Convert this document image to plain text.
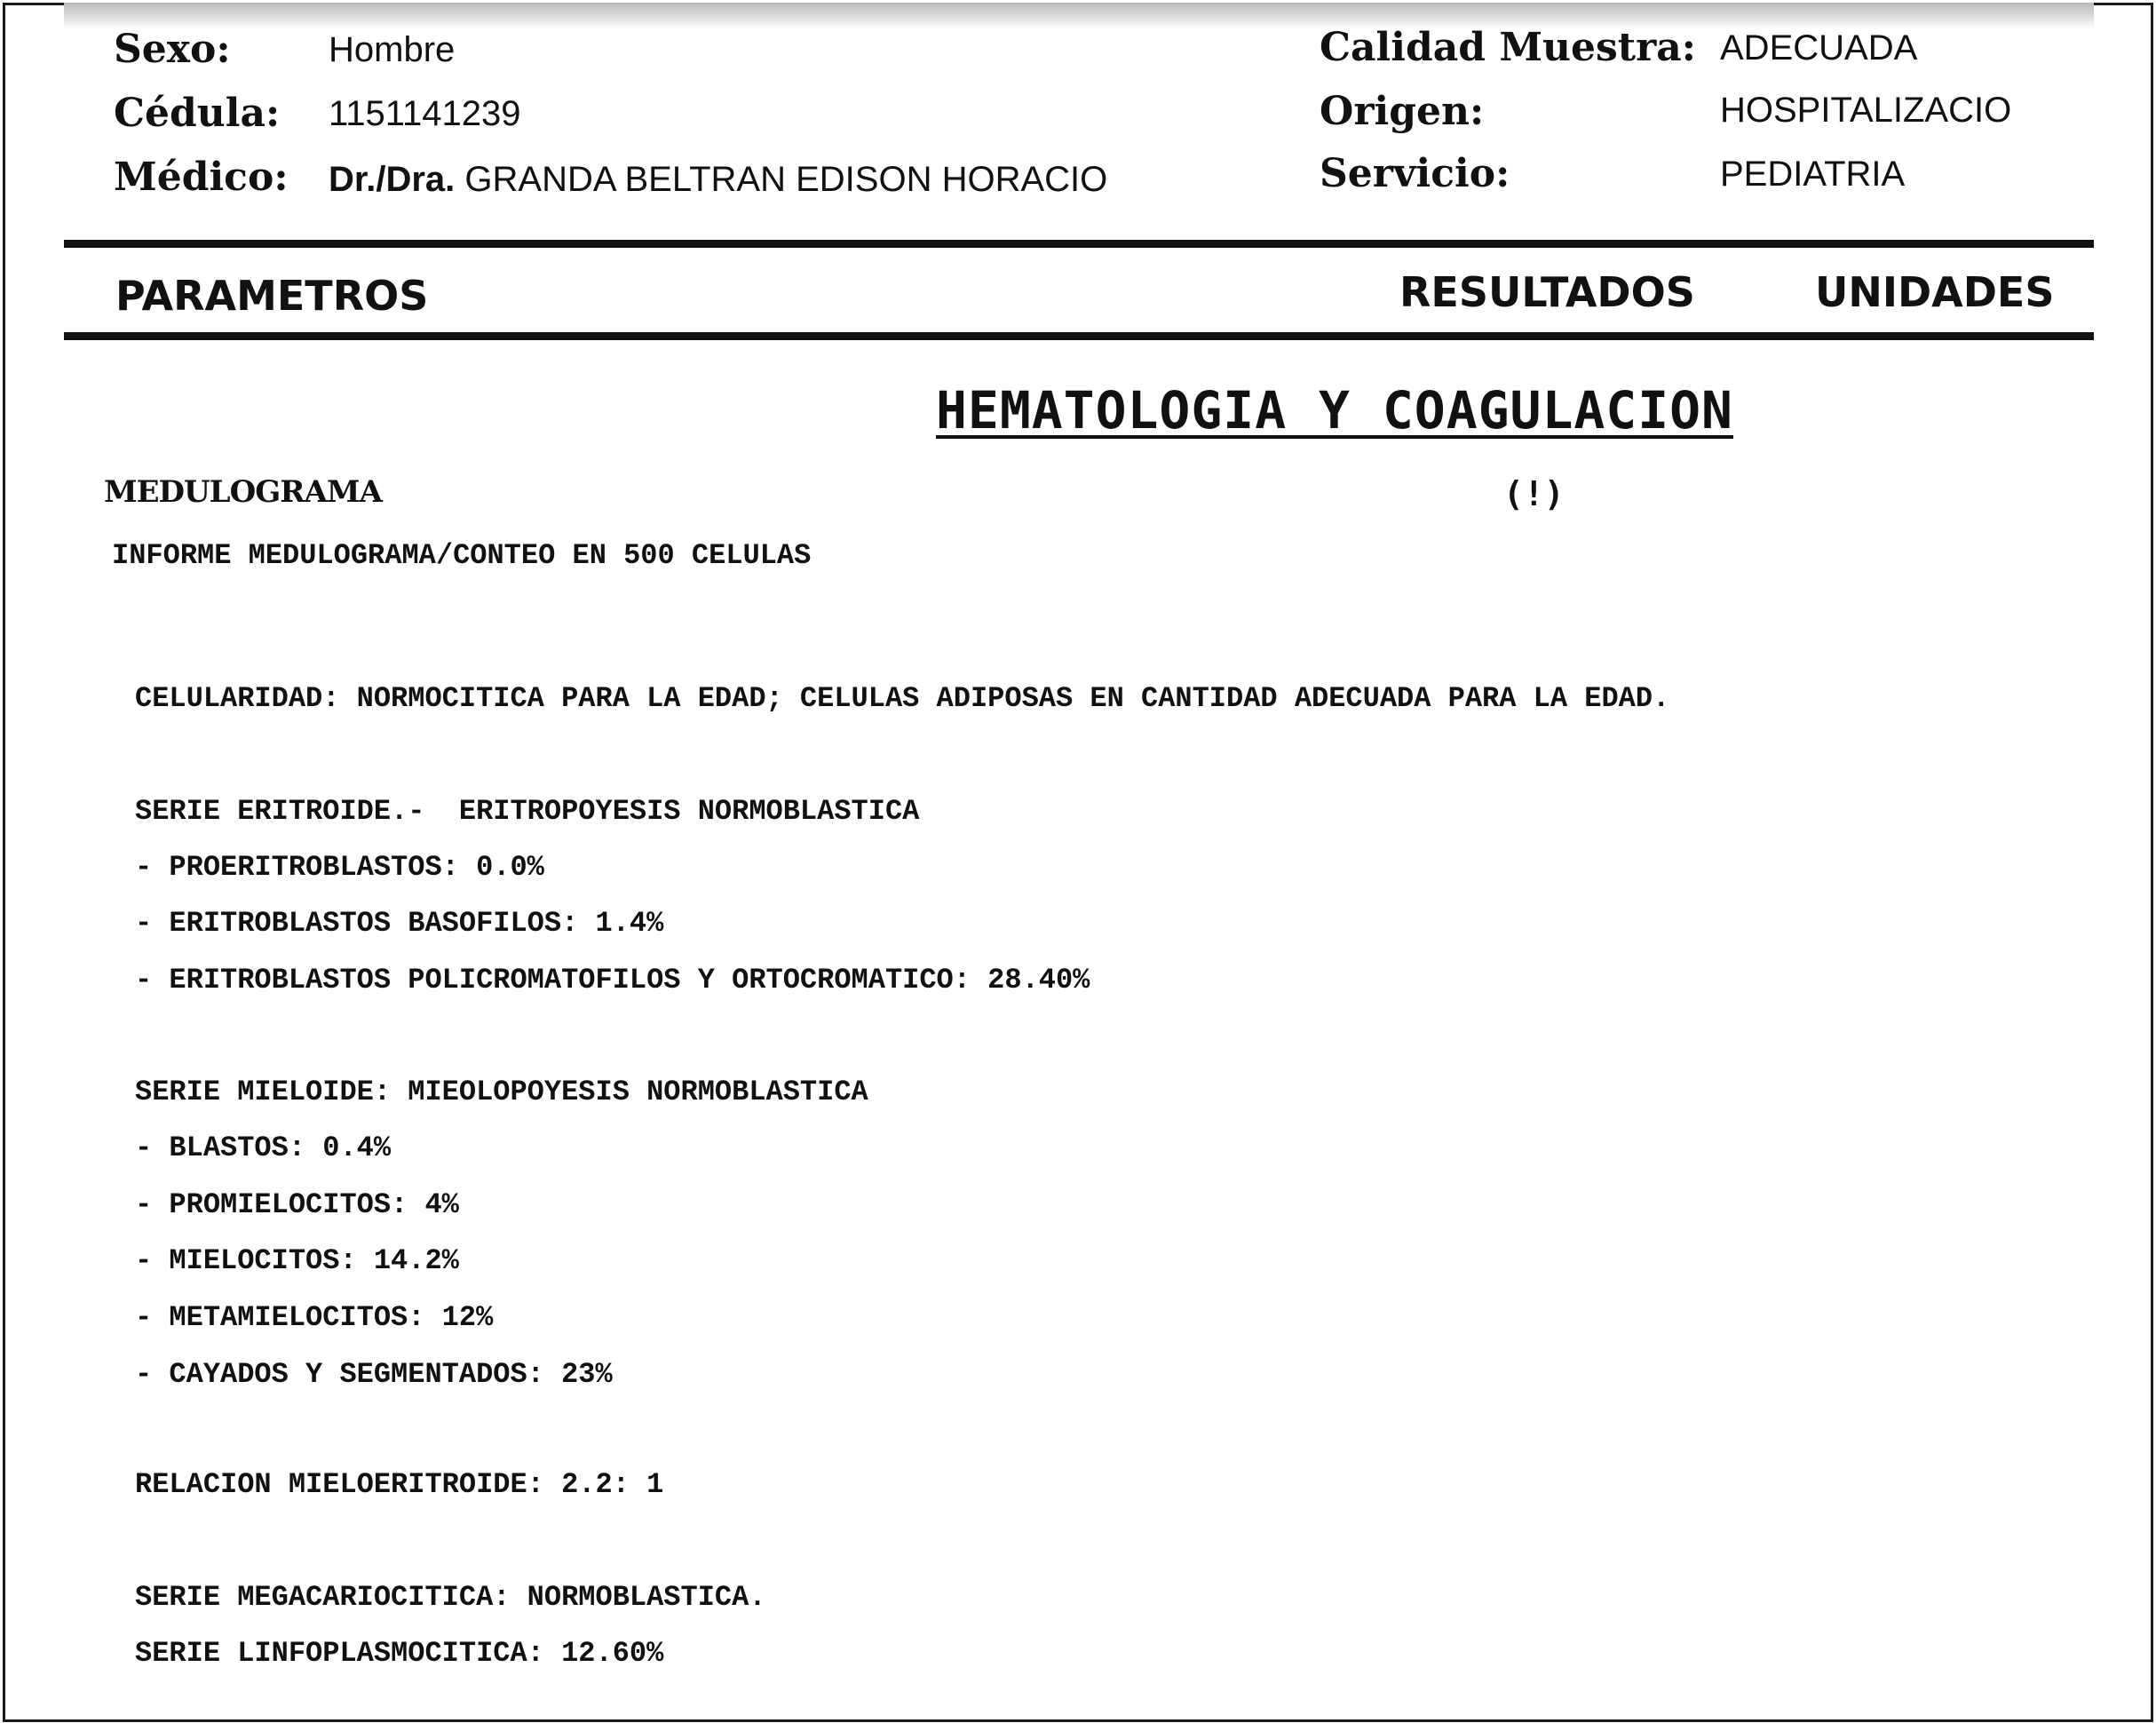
Sexo:	Hombre
Cédula: 1151141239
Médico: Dr./Dra. GRANDA BELTRAN EDISON HORACIO
Calidad Muestra: ADECUADA
Origen:	HOSPITALIZACIO
Servicio:	PEDIATRIA
PARAMETROS	RESULTADOS	UNIDADES
HEMATOLOGIA Y COAGULACION
MEDULOGRAMA	(!)
INFORME MEDULOGRAMA/CONTEO EN 500 CELULAS
CELULARIDAD: NORMOCITICA PARA LA EDAD; CELULAS ADIPOSAS EN CANTIDAD ADECUADA PARA LA EDAD.
SERIE ERITROIDE.-  ERITROPOYESIS NORMOBLASTICA
- PROERITROBLASTOS: 0.0%
- ERITROBLASTOS BASOFILOS: 1.4%
- ERITROBLASTOS POLICROMATOFILOS Y ORTOCROMATICO: 28.40%
SERIE MIELOIDE: MIEOLOPOYESIS NORMOBLASTICA
- BLASTOS: 0.4%
- PROMIELOCITOS: 4%
- MIELOCITOS: 14.2%
- METAMIELOCITOS: 12%
- CAYADOS Y SEGMENTADOS: 23%
RELACION MIELOERITROIDE: 2.2: 1
SERIE MEGACARIOCITICA: NORMOBLASTICA.
SERIE LINFOPLASMOCITICA: 12.60%
